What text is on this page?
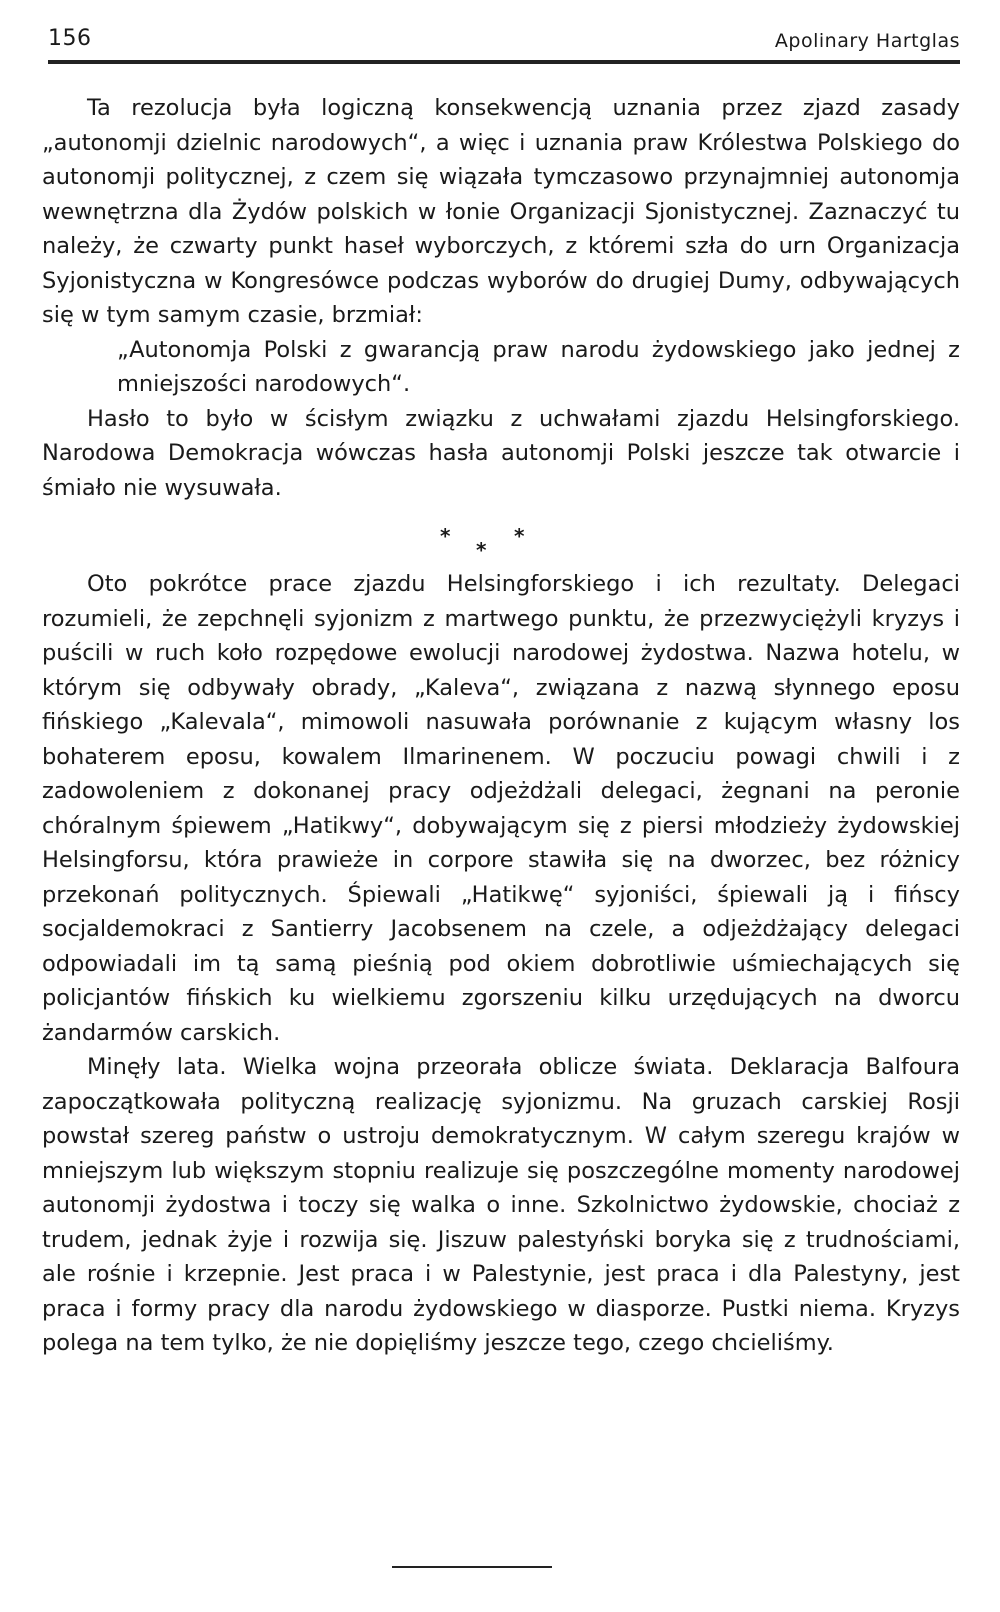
156	Apolinary Hartglas

Ta rezolucja była logiczną konsekwencją uznania przez zjazd zasady „autonomji dzielnic narodowych“, a więc i uznania praw Królestwa Polskiego do autonomji politycznej, z czem się wiązała tymczasowo przynajmniej autonomja wewnętrzna dla Żydów polskich w łonie Organizacji Sjonistycznej. Zaznaczyć tu należy, że czwarty punkt haseł wyborczych, z któremi szła do urn Organizacja Syjonistyczna w Kongresówce podczas wyborów do drugiej Dumy, odbywających się w tym samym czasie, brzmiał:

„Autonomja Polski z gwarancją praw narodu żydowskiego jako jednej z mniejszości narodowych“.

Hasło to było w ścisłym związku z uchwałami zjazdu Helsingforskiego. Narodowa Demokracja wówczas hasła autonomji Polski jeszcze tak otwarcie i śmiało nie wysuwała.

*
*
*

Oto pokrótce prace zjazdu Helsingforskiego i ich rezultaty. Delegaci rozumieli, że zepchnęli syjonizm z martwego punktu, że przezwyciężyli kryzys i puścili w ruch koło rozpędowe ewolucji narodowej żydostwa. Nazwa hotelu, w którym się odbywały obrady, „Kaleva“, związana z nazwą słynnego eposu fińskiego „Kalevala“, mimowoli nasuwała porównanie z kującym własny los bohaterem eposu, kowalem Ilmarinenem. W poczuciu powagi chwili i z zadowoleniem z dokonanej pracy odjeżdżali delegaci, żegnani na peronie chóralnym śpiewem „Hatikwy“, dobywającym się z piersi młodzieży żydowskiej Helsingforsu, która prawieże in corpore stawiła się na dworzec, bez różnicy przekonań politycznych. Śpiewali „Hatikwę“ syjoniści, śpiewali ją i fińscy socjaldemokraci z Santierry Jacobsenem na czele, a odjeżdżający delegaci odpowiadali im tą samą pieśnią pod okiem dobrotliwie uśmiechających się policjantów fińskich ku wielkiemu zgorszeniu kilku urzędujących na dworcu żandarmów carskich.

Minęły lata. Wielka wojna przeorała oblicze świata. Deklaracja Balfoura zapoczątkowała polityczną realizację syjonizmu. Na gruzach carskiej Rosji powstał szereg państw o ustroju demokratycznym. W całym szeregu krajów w mniejszym lub większym stopniu realizuje się poszczególne momenty narodowej autonomji żydostwa i toczy się walka o inne. Szkolnictwo żydowskie, chociaż z trudem, jednak żyje i rozwija się. Jiszuw palestyński boryka się z trudnościami, ale rośnie i krzepnie. Jest praca i w Palestynie, jest praca i dla Palestyny, jest praca i formy pracy dla narodu żydowskiego w diasporze. Pustki niema. Kryzys polega na tem tylko, że nie dopięliśmy jeszcze tego, czego chcieliśmy.
